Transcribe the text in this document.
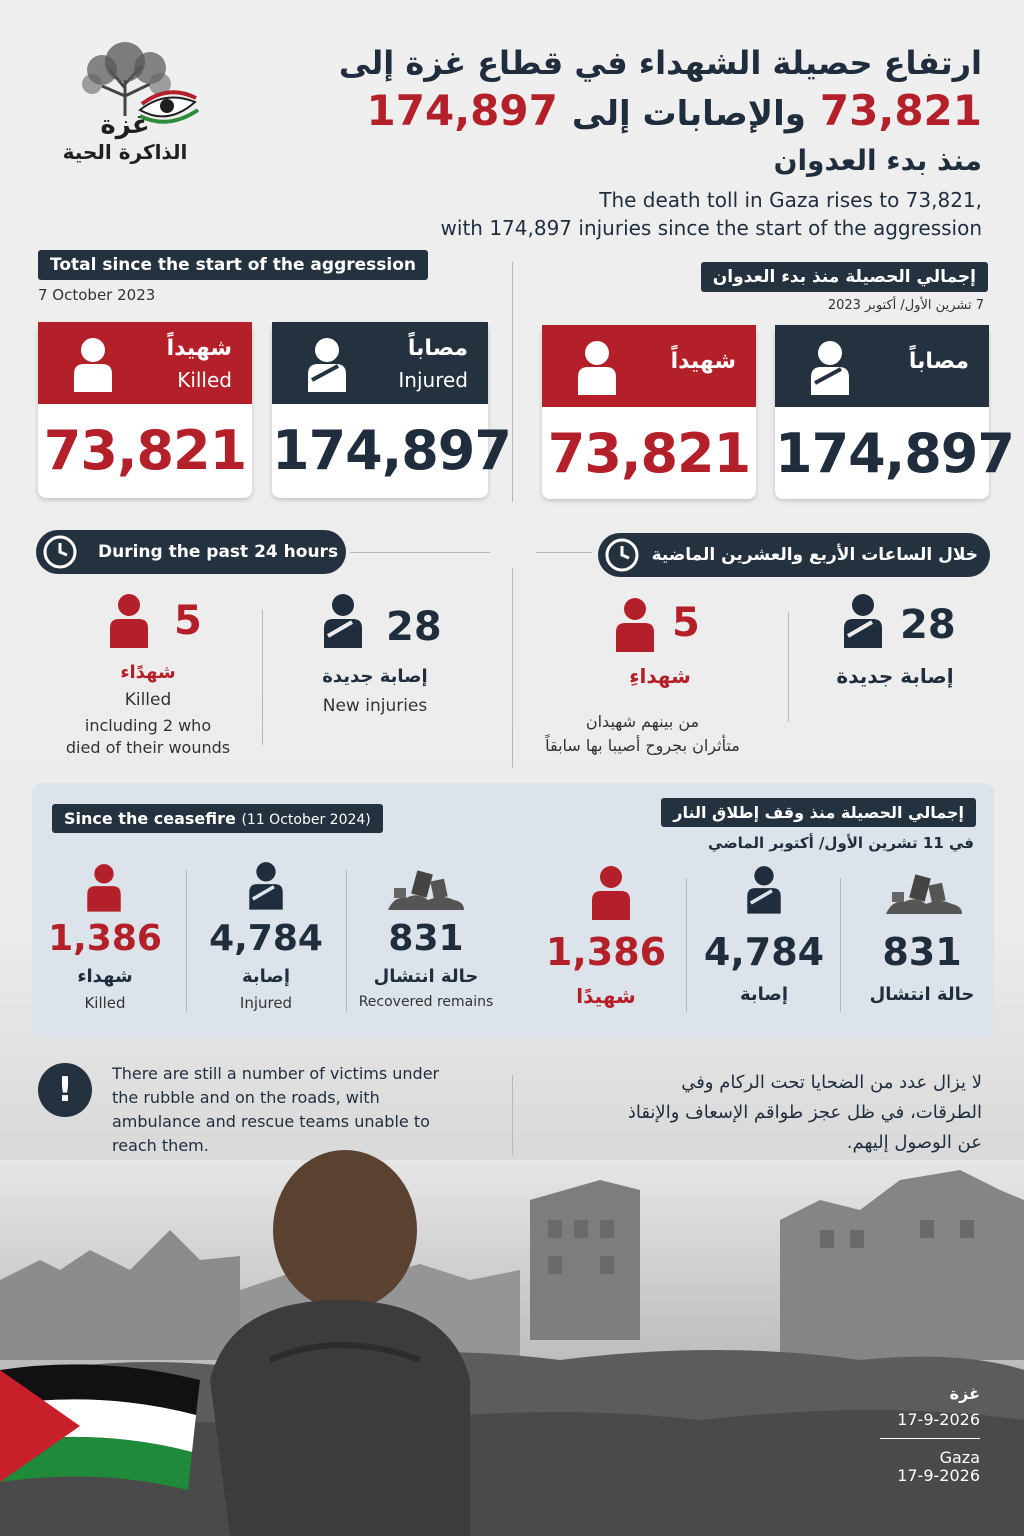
غزة
الذاكرة الحية
ارتفاع حصيلة الشهداء في قطاع غزة إلى
73,821
والإصابات إلى
174,897
منذ بدء العدوان
The death toll in Gaza rises to 73,821,
with 174,897 injuries since the start of the aggression
Total since the start of the aggression
7 October 2023
إجمالي الحصيلة منذ بدء العدوان
7 تشرين الأول/ أكتوبر 2023
شهيداً
Killed
73,821
مصاباً
Injured
174,897
شهيداً
73,821
مصاباً
174,897
During the past 24 hours	خلال الساعات الأربع والعشرين الماضية
5
شهدًاء
Killed
including 2 who
died of their wounds
28
إصابة جديدة
New injuries
5
شهداءِ
من بينهم شهيدان
متأثران بجروح أصيبا بها سابقاً
28
إصابة جديدة
Since the ceasefire (11 October 2024)	إجمالي الحصيلة منذ وقف إطلاق النار
في 11 تشرين الأول/ أكتوبر الماضي
1,386
شهداء
Killed
4,784
إصابة
Injured
831
حالة انتشال
Recovered remains
1,386
شهيدًا
4,784
إصابة
831
حالة انتشال
!	There are still a number of victims under the rubble and on the roads, with ambulance and rescue teams unable to reach them.
لا يزال عدد من الضحايا تحت الركام وفي الطرقات، في ظل عجز طواقم الإسعاف والإنقاذ عن الوصول إليهم.
غزة
17-9-2026
Gaza
17-9-2026
